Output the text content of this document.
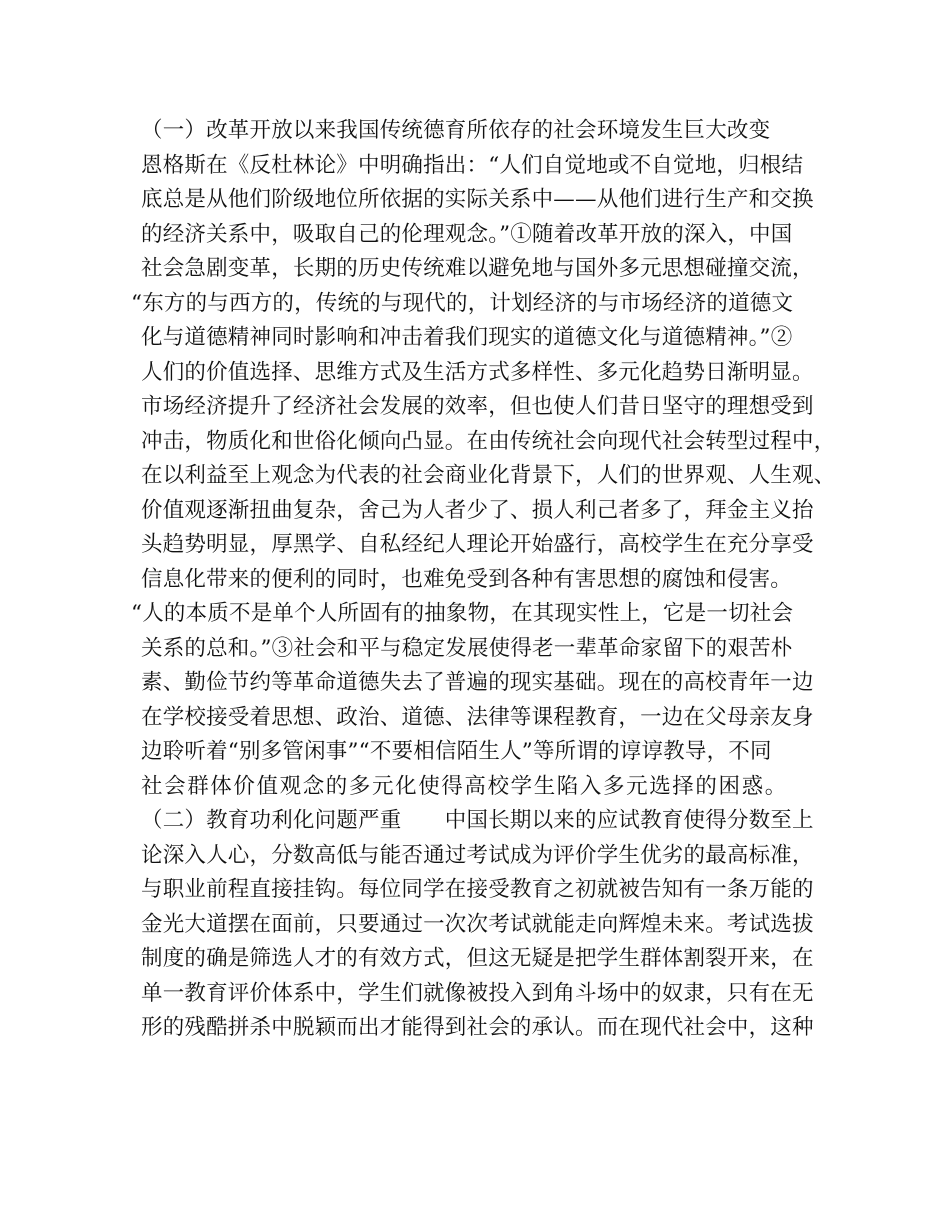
（一）改革开放以来我国传统德育所依存的社会环境发生巨大改变
恩格斯在《反杜林论》中明确指出：“人们自觉地或不自觉地，归根结
底总是从他们阶级地位所依据的实际关系中——从他们进行生产和交换
的经济关系中，吸取自己的伦理观念。”①随着改革开放的深入，中国
社会急剧变革，长期的历史传统难以避免地与国外多元思想碰撞交流，
“东方的与西方的，传统的与现代的，计划经济的与市场经济的道德文
化与道德精神同时影响和冲击着我们现实的道德文化与道德精神。”②
人们的价值选择、思维方式及生活方式多样性、多元化趋势日渐明显。
市场经济提升了经济社会发展的效率，但也使人们昔日坚守的理想受到
冲击，物质化和世俗化倾向凸显。在由传统社会向现代社会转型过程中，
在以利益至上观念为代表的社会商业化背景下，人们的世界观、人生观、
价值观逐渐扭曲复杂，舍己为人者少了、损人利己者多了，拜金主义抬
头趋势明显，厚黑学、自私经纪人理论开始盛行，高校学生在充分享受
信息化带来的便利的同时，也难免受到各种有害思想的腐蚀和侵害。
“人的本质不是单个人所固有的抽象物，在其现实性上，它是一切社会
关系的总和。”③社会和平与稳定发展使得老一辈革命家留下的艰苦朴
素、勤俭节约等革命道德失去了普遍的现实基础。现在的高校青年一边
在学校接受着思想、政治、道德、法律等课程教育，一边在父母亲友身
边聆听着“别多管闲事”“不要相信陌生人”等所谓的谆谆教导，不同
社会群体价值观念的多元化使得高校学生陷入多元选择的困惑。
（二）教育功利化问题严重　　中国长期以来的应试教育使得分数至上
论深入人心，分数高低与能否通过考试成为评价学生优劣的最高标准，
与职业前程直接挂钩。每位同学在接受教育之初就被告知有一条万能的
金光大道摆在面前，只要通过一次次考试就能走向辉煌未来。考试选拔
制度的确是筛选人才的有效方式，但这无疑是把学生群体割裂开来，在
单一教育评价体系中，学生们就像被投入到角斗场中的奴隶，只有在无
形的残酷拼杀中脱颖而出才能得到社会的承认。而在现代社会中，这种
